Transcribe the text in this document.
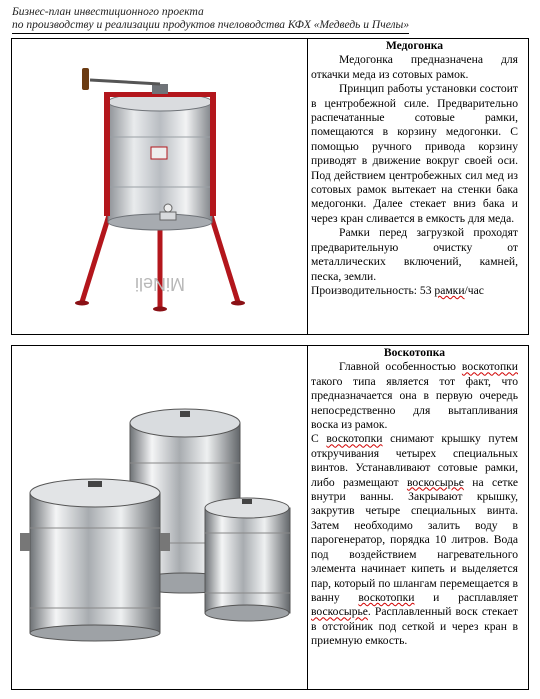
Бизнес-план инвестиционного проекта
по производству и реализации продуктов пчеловодства КФХ «Медведь и Пчелы»
MiNeli
Медогонка
Медогонка предназначена для откачки меда из сотовых рамок.
Принцип работы установки состоит в центробежной силе. Предварительно распечатанные сотовые рамки, помещаются в корзину медогонки. С помощью ручного привода корзину приводят в движение вокруг своей оси. Под действием центробежных сил мед из сотовых рамок вытекает на стенки бака медогонки. Далее стекает вниз бака и через кран сливается в емкость для меда.
Рамки перед загрузкой проходят предварительную очистку от металлических включений, камней, песка, земли.
Производительность: 53 рамки/час
Воскотопка
Главной особенностью воскотопки такого типа является тот факт, что предназначается она в первую очередь непосредственно для вытапливания воска из рамок.
С воскотопки снимают крышку путем откручивания четырех специальных винтов. Устанавливают сотовые рамки, либо размещают воскосырье на сетке внутри ванны. Закрывают крышку, закрутив четыре специальных винта. Затем необходимо залить воду в парогенератор, порядка 10 литров. Вода под воздействием нагревательного элемента начинает кипеть и выделяется пар, который по шлангам перемещается в ванну воскотопки и расплавляет воскосырье. Расплавленный воск стекает в отстойник под сеткой и через кран в приемную емкость.
